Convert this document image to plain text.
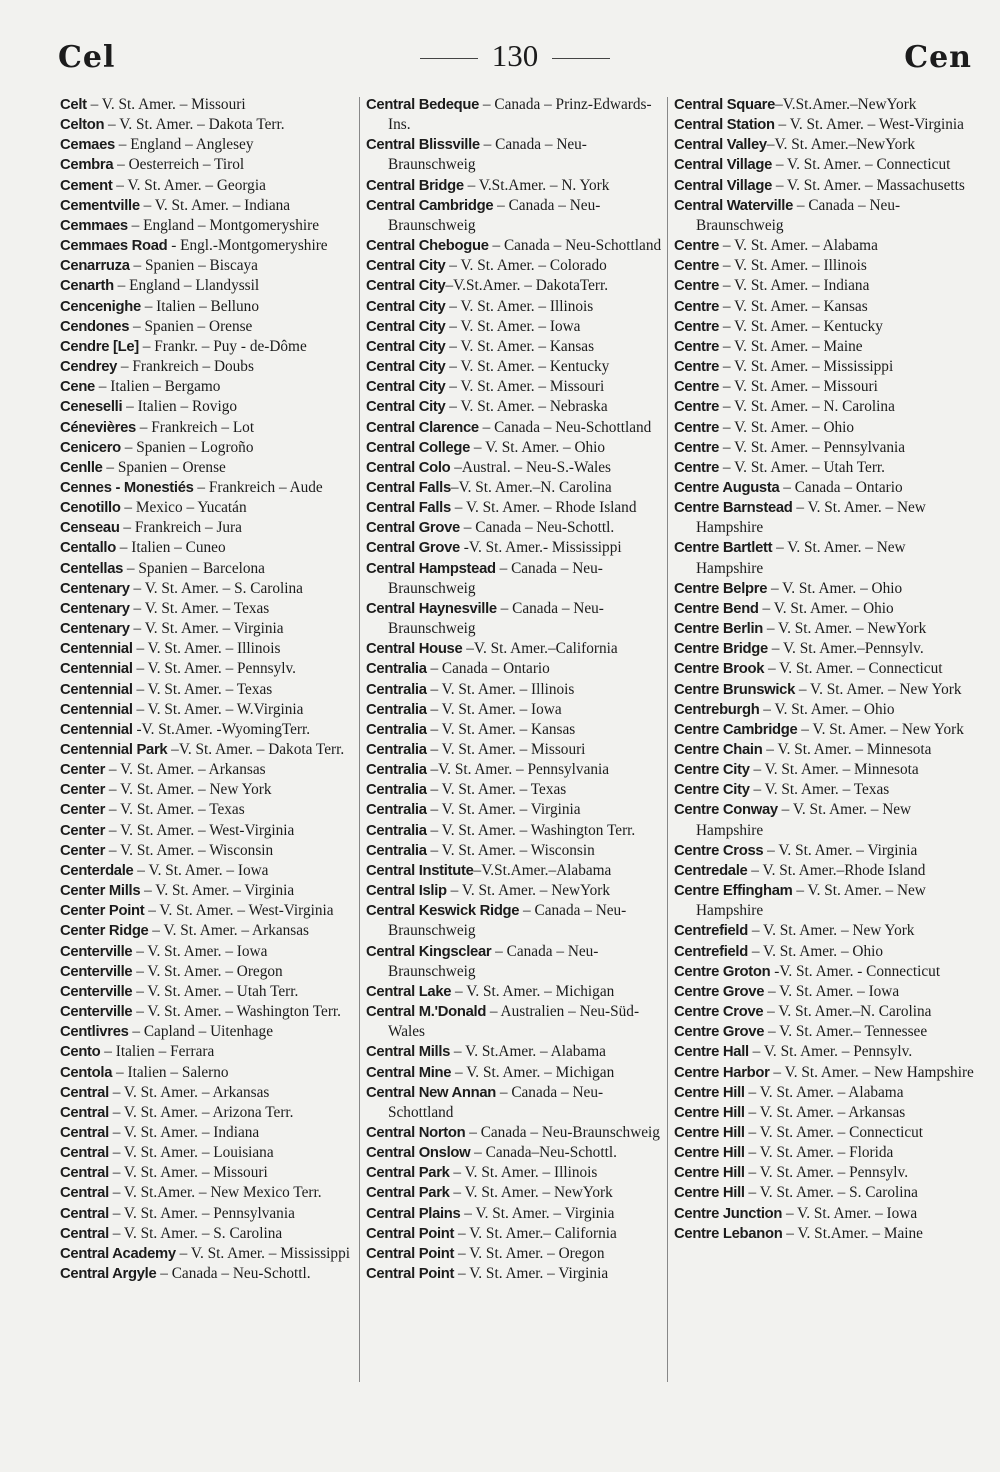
Cel	130	Cen
Celt – V. St. Amer. – Missouri
Celton – V. St. Amer. – Dakota Terr.
Cemaes – England – Anglesey
Cembra – Oesterreich – Tirol
Cement – V. St. Amer. – Georgia
Cementville – V. St. Amer. – Indiana
Cemmaes – England – Montgomeryshire
Cemmaes Road - Engl.-Montgomeryshire
Cenarruza – Spanien – Biscaya
Cenarth – England – Llandyssil
Cencenighe – Italien – Belluno
Cendones – Spanien – Orense
Cendre [Le] – Frankr. – Puy - de-Dôme
Cendrey – Frankreich – Doubs
Cene – Italien – Bergamo
Ceneselli – Italien – Rovigo
Cénevières – Frankreich – Lot
Cenicero – Spanien – Logroño
Cenlle – Spanien – Orense
Cennes - Monestiés – Frankreich – Aude
Cenotillo – Mexico – Yucatán
Censeau – Frankreich – Jura
Centallo – Italien – Cuneo
Centellas – Spanien – Barcelona
Centenary – V. St. Amer. – S. Carolina
Centenary – V. St. Amer. – Texas
Centenary – V. St. Amer. – Virginia
Centennial – V. St. Amer. – Illinois
Centennial – V. St. Amer. – Pennsylv.
Centennial – V. St. Amer. – Texas
Centennial – V. St. Amer. – W.Virginia
Centennial -V. St.Amer. -WyomingTerr.
Centennial Park –V. St. Amer. – Dakota Terr.
Center – V. St. Amer. – Arkansas
Center – V. St. Amer. – New York
Center – V. St. Amer. – Texas
Center – V. St. Amer. – West-Virginia
Center – V. St. Amer. – Wisconsin
Centerdale – V. St. Amer. – Iowa
Center Mills – V. St. Amer. – Virginia
Center Point – V. St. Amer. – West-Virginia
Center Ridge – V. St. Amer. – Arkansas
Centerville – V. St. Amer. – Iowa
Centerville – V. St. Amer. – Oregon
Centerville – V. St. Amer. – Utah Terr.
Centerville – V. St. Amer. – Washington Terr.
Centlivres – Capland – Uitenhage
Cento – Italien – Ferrara
Centola – Italien – Salerno
Central – V. St. Amer. – Arkansas
Central – V. St. Amer. – Arizona Terr.
Central – V. St. Amer. – Indiana
Central – V. St. Amer. – Louisiana
Central – V. St. Amer. – Missouri
Central – V. St.Amer. – New Mexico Terr.
Central – V. St. Amer. – Pennsylvania
Central – V. St. Amer. – S. Carolina
Central Academy – V. St. Amer. – Mississippi
Central Argyle – Canada – Neu-Schottl.
Central Bedeque – Canada – Prinz-Edwards-Ins.
Central Blissville – Canada – Neu-Braunschweig
Central Bridge – V.St.Amer. – N. York
Central Cambridge – Canada – Neu-Braunschweig
Central Chebogue – Canada – Neu-Schottland
Central City – V. St. Amer. – Colorado
Central City–V.St.Amer. – DakotaTerr.
Central City – V. St. Amer. – Illinois
Central City – V. St. Amer. – Iowa
Central City – V. St. Amer. – Kansas
Central City – V. St. Amer. – Kentucky
Central City – V. St. Amer. – Missouri
Central City – V. St. Amer. – Nebraska
Central Clarence – Canada – Neu-Schottland
Central College – V. St. Amer. – Ohio
Central Colo –Austral. – Neu-S.-Wales
Central Falls–V. St. Amer.–N. Carolina
Central Falls – V. St. Amer. – Rhode Island
Central Grove – Canada – Neu-Schottl.
Central Grove -V. St. Amer.- Mississippi
Central Hampstead – Canada – Neu-Braunschweig
Central Haynesville – Canada – Neu-Braunschweig
Central House –V. St. Amer.–California
Centralia – Canada – Ontario
Centralia – V. St. Amer. – Illinois
Centralia – V. St. Amer. – Iowa
Centralia – V. St. Amer. – Kansas
Centralia – V. St. Amer. – Missouri
Centralia –V. St. Amer. – Pennsylvania
Centralia – V. St. Amer. – Texas
Centralia – V. St. Amer. – Virginia
Centralia – V. St. Amer. – Washington Terr.
Centralia – V. St. Amer. – Wisconsin
Central Institute–V.St.Amer.–Alabama
Central Islip – V. St. Amer. – NewYork
Central Keswick Ridge – Canada – Neu-Braunschweig
Central Kingsclear – Canada – Neu-Braunschweig
Central Lake – V. St. Amer. – Michigan
Central M.'Donald – Australien – Neu-Süd-Wales
Central Mills – V. St.Amer. – Alabama
Central Mine – V. St. Amer. – Michigan
Central New Annan – Canada – Neu-Schottland
Central Norton – Canada – Neu-Braunschweig
Central Onslow – Canada–Neu-Schottl.
Central Park – V. St. Amer. – Illinois
Central Park – V. St. Amer. – NewYork
Central Plains – V. St. Amer. – Virginia
Central Point – V. St. Amer.– California
Central Point – V. St. Amer. – Oregon
Central Point – V. St. Amer. – Virginia
Central Square–V.St.Amer.–NewYork
Central Station – V. St. Amer. – West-Virginia
Central Valley–V. St. Amer.–NewYork
Central Village – V. St. Amer. – Connecticut
Central Village – V. St. Amer. – Massachusetts
Central Waterville – Canada – Neu-Braunschweig
Centre – V. St. Amer. – Alabama
Centre – V. St. Amer. – Illinois
Centre – V. St. Amer. – Indiana
Centre – V. St. Amer. – Kansas
Centre – V. St. Amer. – Kentucky
Centre – V. St. Amer. – Maine
Centre – V. St. Amer. – Mississippi
Centre – V. St. Amer. – Missouri
Centre – V. St. Amer. – N. Carolina
Centre – V. St. Amer. – Ohio
Centre – V. St. Amer. – Pennsylvania
Centre – V. St. Amer. – Utah Terr.
Centre Augusta – Canada – Ontario
Centre Barnstead – V. St. Amer. – New Hampshire
Centre Bartlett – V. St. Amer. – New Hampshire
Centre Belpre – V. St. Amer. – Ohio
Centre Bend – V. St. Amer. – Ohio
Centre Berlin – V. St. Amer. – NewYork
Centre Bridge – V. St. Amer.–Pennsylv.
Centre Brook – V. St. Amer. – Connecticut
Centre Brunswick – V. St. Amer. – New York
Centreburgh – V. St. Amer. – Ohio
Centre Cambridge – V. St. Amer. – New York
Centre Chain – V. St. Amer. – Minnesota
Centre City – V. St. Amer. – Minnesota
Centre City – V. St. Amer. – Texas
Centre Conway – V. St. Amer. – New Hampshire
Centre Cross – V. St. Amer. – Virginia
Centredale – V. St. Amer.–Rhode Island
Centre Effingham – V. St. Amer. – New Hampshire
Centrefield – V. St. Amer. – New York
Centrefield – V. St. Amer. – Ohio
Centre Groton -V. St. Amer. - Connecticut
Centre Grove – V. St. Amer. – Iowa
Centre Crove – V. St. Amer.–N. Carolina
Centre Grove – V. St. Amer.– Tennessee
Centre Hall – V. St. Amer. – Pennsylv.
Centre Harbor – V. St. Amer. – New Hampshire
Centre Hill – V. St. Amer. – Alabama
Centre Hill – V. St. Amer. – Arkansas
Centre Hill – V. St. Amer. – Connecticut
Centre Hill – V. St. Amer. – Florida
Centre Hill – V. St. Amer. – Pennsylv.
Centre Hill – V. St. Amer. – S. Carolina
Centre Junction – V. St. Amer. – Iowa
Centre Lebanon – V. St.Amer. – Maine
